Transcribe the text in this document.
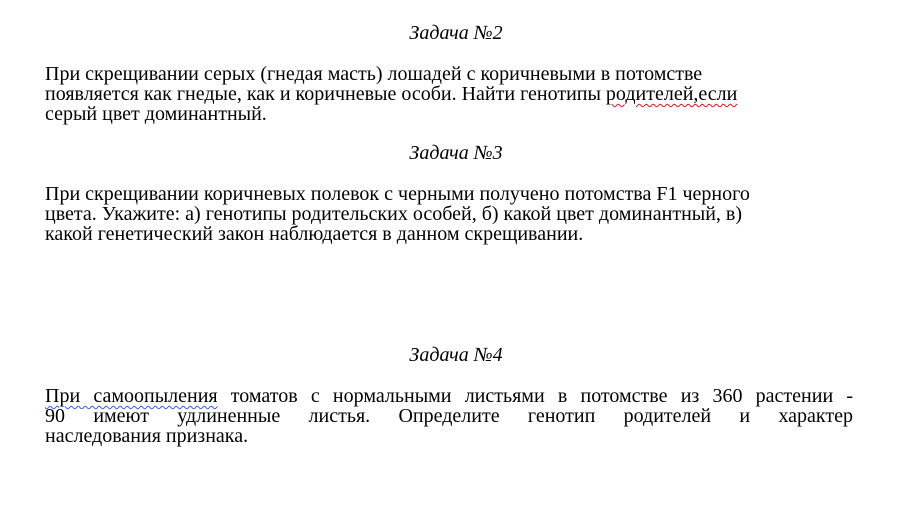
Задача №2

При скрещивании серых (гнедая масть) лошадей с коричневыми в потомстве
появляется как гнедые, как и коричневые особи. Найти генотипы родителей,если
серый цвет доминантный.

Задача №3

При скрещивании коричневых полевок с черными получено потомства F1 черного
цвета. Укажите: а) генотипы родительских особей, б) какой цвет доминантный, в)
какой генетический закон наблюдается в данном скрещивании.

Задача №4

При самоопыления томатов с нормальными листьями в потомстве из 360 растении -
90 имеют удлиненные листья. Определите генотип родителей и характер
наследования признака.
